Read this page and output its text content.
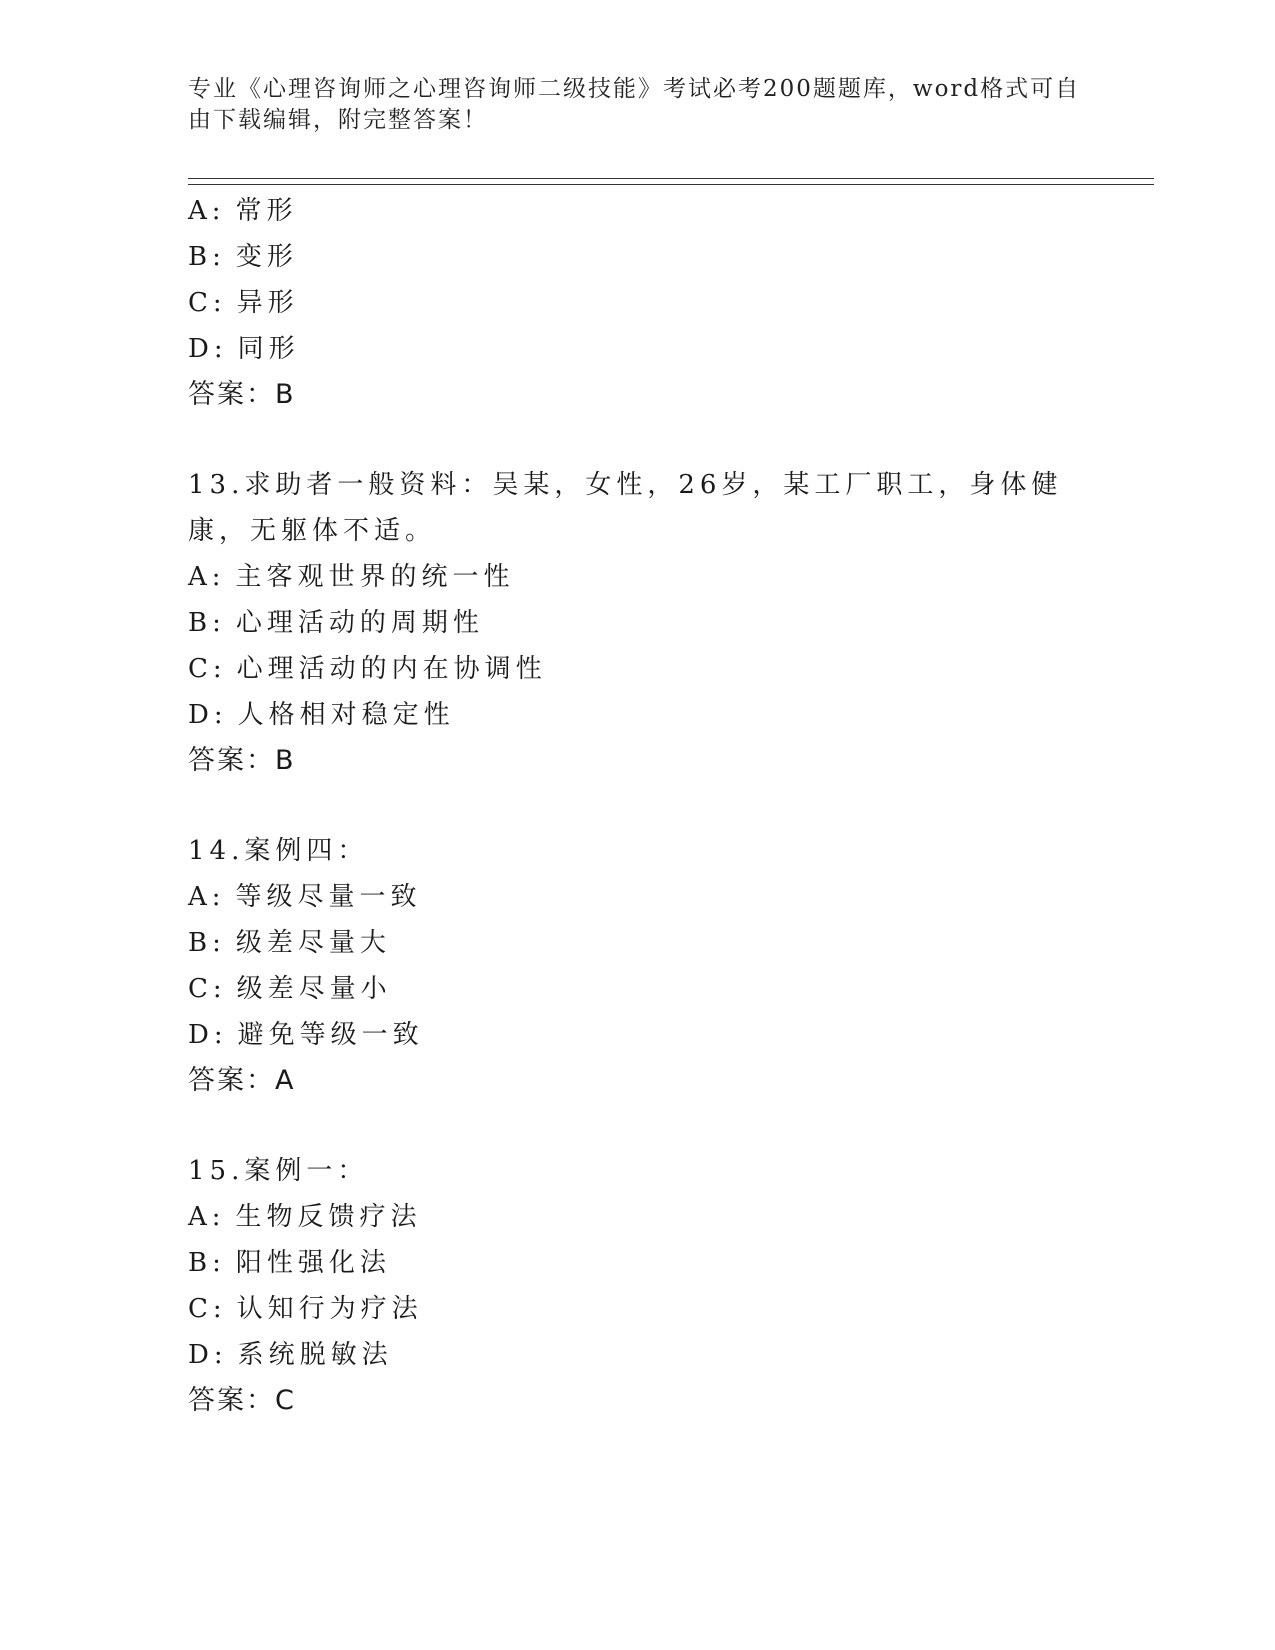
专业《心理咨询师之心理咨询师二级技能》考试必考200题题库，word格式可自由下载编辑，附完整答案！
A: 常形
B: 变形
C: 异形
D: 同形
答案：B
13.求助者一般资料：吴某，女性，26岁，某工厂职工，身体健康，无躯体不适。
A: 主客观世界的统一性
B: 心理活动的周期性
C: 心理活动的内在协调性
D: 人格相对稳定性
答案：B
14.案例四：
A: 等级尽量一致
B: 级差尽量大
C: 级差尽量小
D: 避免等级一致
答案：A
15.案例一：
A: 生物反馈疗法
B: 阳性强化法
C: 认知行为疗法
D: 系统脱敏法
答案：C
